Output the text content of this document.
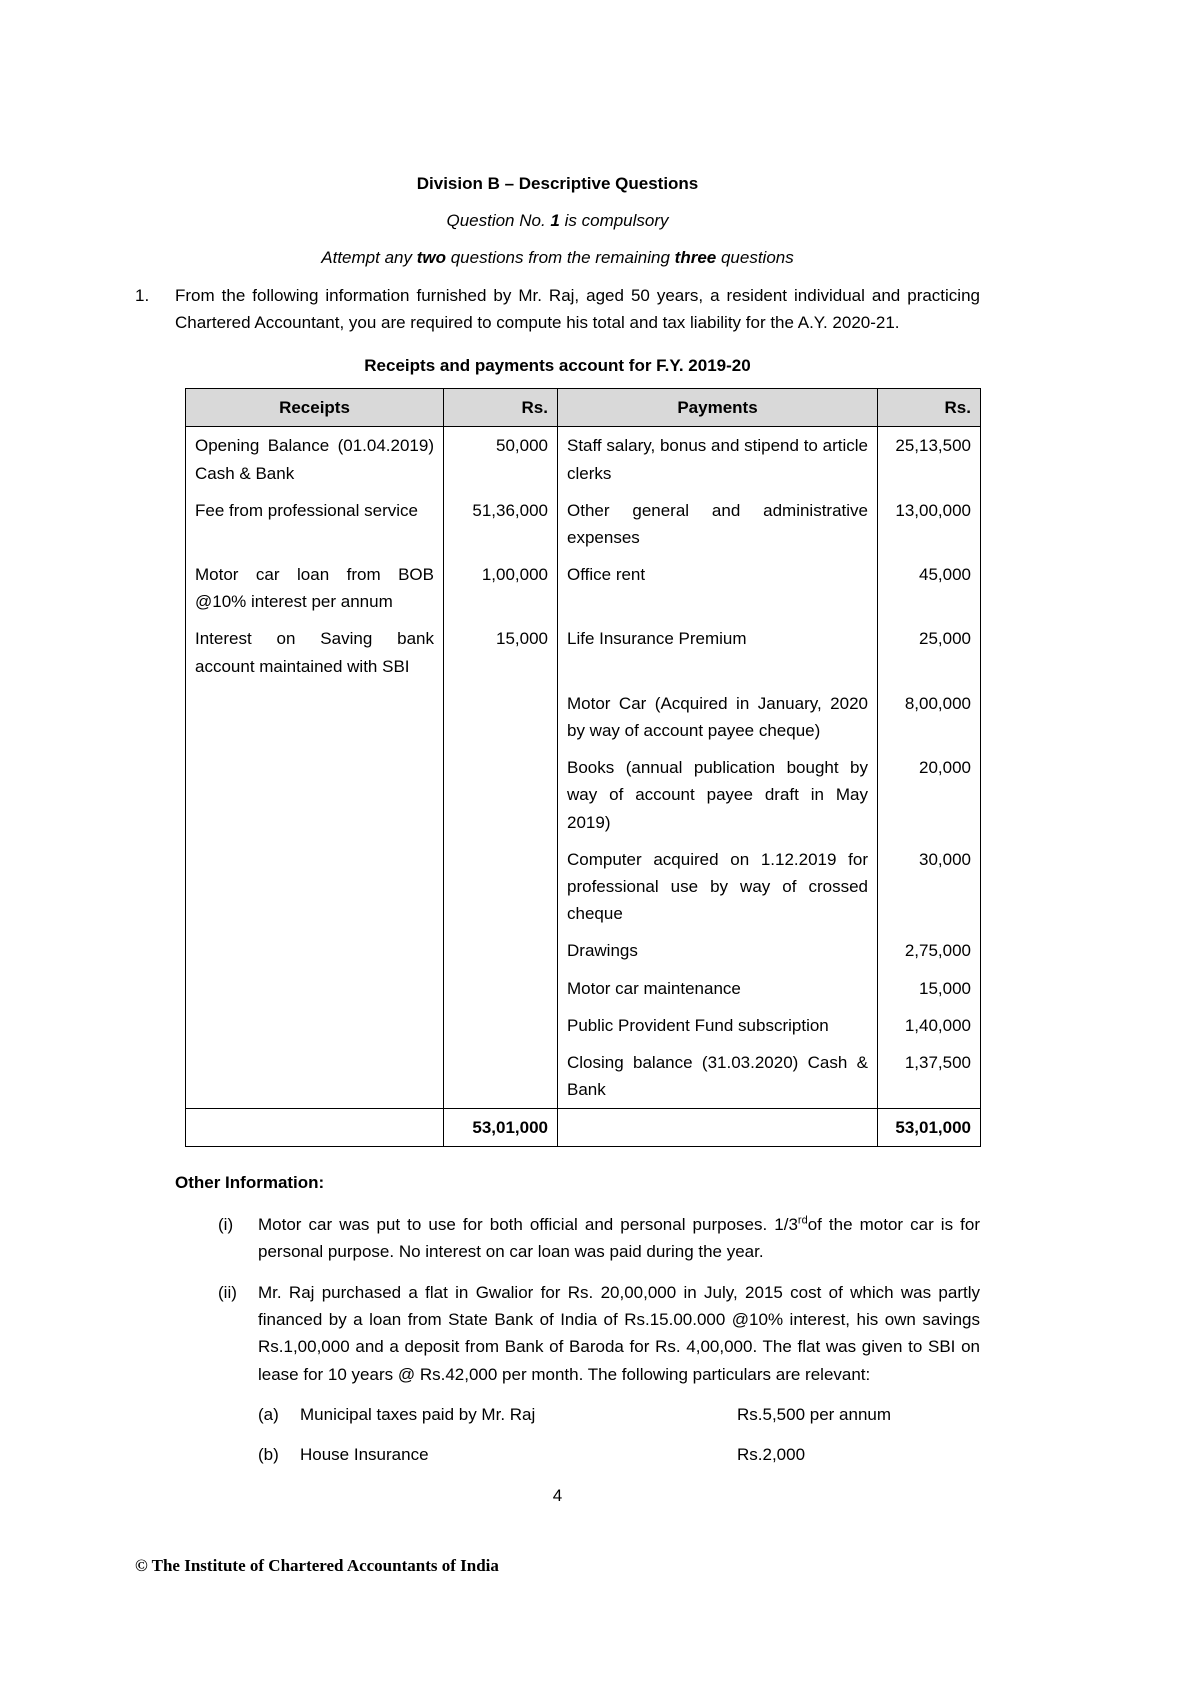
Division B – Descriptive Questions

Question No. 1 is compulsory

Attempt any two questions from the remaining three questions

1.	From the following information furnished by Mr. Raj, aged 50 years, a resident individual and practicing Chartered Accountant, you are required to compute his total and tax liability for the A.Y. 2020-21.
Receipts and payments account for F.Y. 2019-20
Receipts	Rs.	Payments	Rs.
Opening Balance (01.04.2019) Cash & Bank	50,000	Staff salary, bonus and stipend to article clerks	25,13,500
Fee from professional service	51,36,000	Other general and administrative expenses	13,00,000
Motor car loan from BOB @10% interest per annum	1,00,000	Office rent	45,000
Interest on Saving bank account maintained with SBI	15,000	Life Insurance Premium	25,000
		Motor Car (Acquired in January, 2020 by way of account payee cheque)	8,00,000
		Books (annual publication bought by way of account payee draft in May 2019)	20,000
		Computer acquired on 1.12.2019 for professional use by way of crossed cheque	30,000
		Drawings	2,75,000
		Motor car maintenance	15,000
		Public Provident Fund subscription	1,40,000
		Closing balance (31.03.2020) Cash & Bank	1,37,500
	53,01,000		53,01,000
Other Information:
(i)	Motor car was put to use for both official and personal purposes. 1/3rdof the motor car is for personal purpose. No interest on car loan was paid during the year.
(ii)	Mr. Raj purchased a flat in Gwalior for Rs. 20,00,000 in July, 2015 cost of which was partly financed by a loan from State Bank of India of Rs.15.00.000 @10% interest, his own savings Rs.1,00,000 and a deposit from Bank of Baroda for Rs. 4,00,000. The flat was given to SBI on lease for 10 years @ Rs.42,000 per month. The following particulars are relevant:
(a)	Municipal taxes paid by Mr. Raj	Rs.5,500 per annum
(b)	House Insurance	Rs.2,000
4
© The Institute of Chartered Accountants of India
